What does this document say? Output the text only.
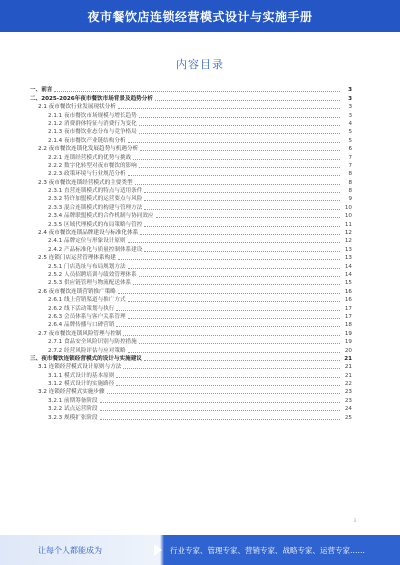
夜市餐饮店连锁经营模式设计与实施手册
内容目录
一、前言	3
二、2025-2026年夜市餐饮市场背景及趋势分析	3
2.1 夜市餐饮行业发展现状分析	3
2.1.1 夜市餐饮市场规模与增长趋势	3
2.1.2 消费群体特征与消费行为变化	4
2.1.3 夜市餐饮业态分布与竞争格局	5
2.1.4 夜市餐饮产业链结构分析	5
2.2 夜市餐饮连锁化发展趋势与机遇分析	6
2.2.1 连锁经营模式的优势与挑战	7
2.2.2 数字化转型对夜市餐饮的影响	7
2.2.3 政策环境与行业规范分析	8
2.3 夜市餐饮连锁经营模式的主要类型	8
2.3.1 直营连锁模式的特点与适用条件	8
2.3.2 特许加盟模式的运营要点与风险	9
2.3.3 混合连锁模式的构建与管理方法	10
2.3.4 品牌联盟模式的合作机制与协同效应	10
2.3.5 区域代理模式的布局策略与管控	11
2.4 夜市餐饮连锁品牌建设与标准化体系	12
2.4.1 品牌定位与形象设计原则	12
2.4.2 产品标准化与质量控制体系建设	13
2.5 连锁门店运营管理体系构建	13
2.5.1 门店选址与布局规划方法	14
2.5.2 人员招聘培训与绩效管理体系	14
2.5.3 供应链管理与物流配送体系	15
2.6 夜市餐饮连锁营销推广策略	16
2.6.1 线上营销渠道与推广方式	16
2.6.2 线下活动策划与执行	17
2.6.3 会员体系与客户关系管理	17
2.6.4 品牌传播与口碑营销	18
2.7 夜市餐饮连锁风险管理与控制	19
2.7.1 食品安全风险识别与防控措施	19
2.7.2 经营风险评估与应对策略	20
三、夜市餐饮连锁经营模式的设计与实施建议	21
3.1 连锁经营模式设计原则与方法	21
3.1.1 模式设计的基本原则	21
3.1.2 模式设计的实施路径	22
3.2 连锁经营模式实施步骤	23
3.2.1 前期筹备阶段	23
3.2.2 试点运营阶段	24
3.2.3 规模扩张阶段	25
3
让每个人都能成为	行业专家、管理专家、营销专家、战略专家、运营专家……
